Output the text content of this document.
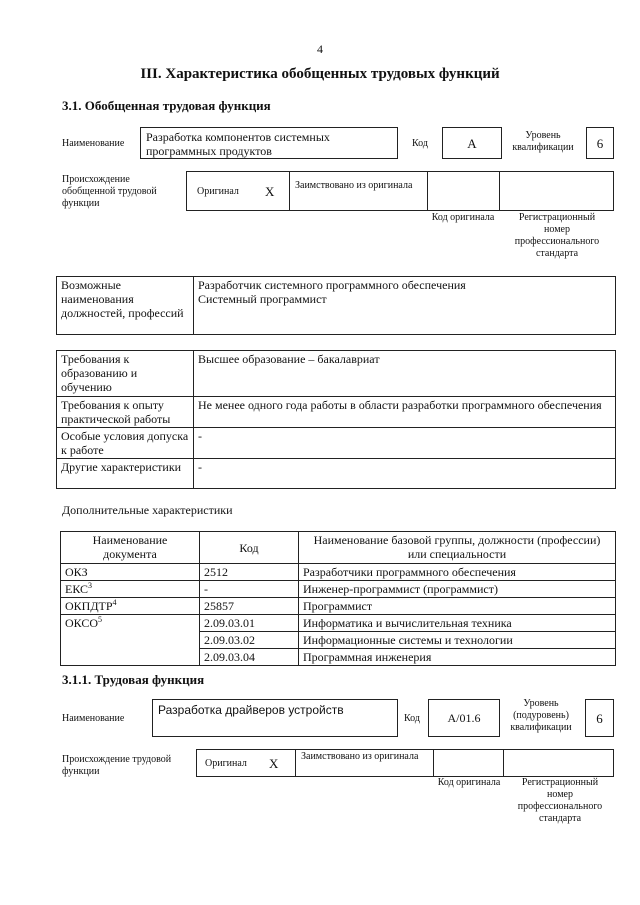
4
III. Характеристика обобщенных трудовых функций
3.1. Обобщенная трудовая функция
Наименование	Разработка компонентов системных программных продуктов
Код	A
Уровень квалификации	6
Происхождение обобщенной трудовой функции
Оригинал X Заимствовано из оригинала
Код оригинала	Регистрационный номер профессионального стандарта
Возможные наименования должностей, профессий	
Разработчик системного программного обеспечения
Системный программист
Требования к образованию и обучению	Высшее образование – бакалавриат
Требования к опыту практической работы	Не менее одного года работы в области разработки программного обеспечения
Особые условия допуска к работе	-
Другие характеристики	-
Дополнительные характеристики
Наименование документа	Код	Наименование базовой группы, должности (профессии) или специальности
ОКЗ	2512	Разработчики программного обеспечения
ЕКС$^3$	-	Инженер-программист (программист)
ОКПДТР$^4$	25857	Программист
ОКСО$^5$	2.09.03.01	Информатика и вычислительная техника
	2.09.03.02	Информационные системы и технологии
	2.09.03.04	Программная инженерия
3.1.1. Трудовая функция
Наименование
Разработка драйверов устройств
Код	A/01.6
Уровень (подуровень) квалификации
6
Происхождение трудовой функции
Оригинал X Заимствовано из оригинала
Код оригинала	Регистрационный номер профессионального стандарта
